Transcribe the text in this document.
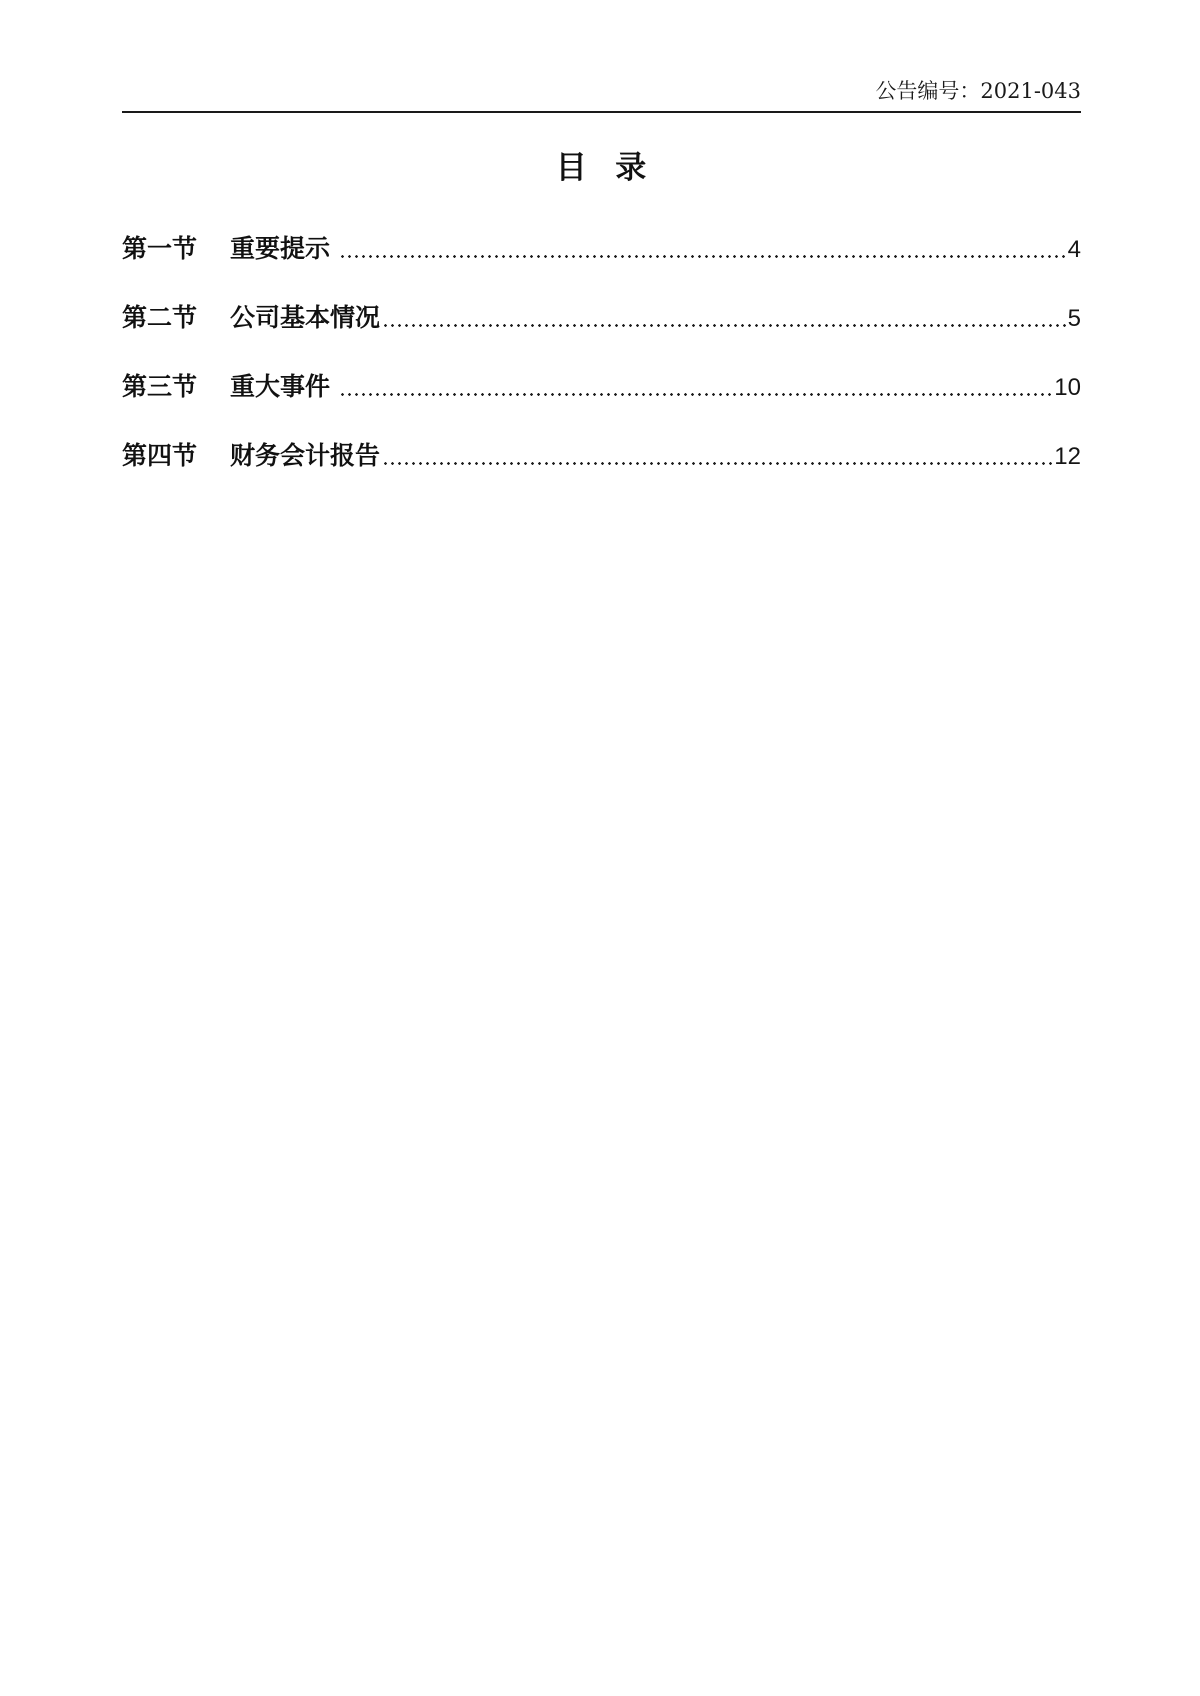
公告编号：2021-043
目 录
第一节	重要提示	4
第二节	公司基本情况	5
第三节	重大事件	10
第四节	财务会计报告	12
